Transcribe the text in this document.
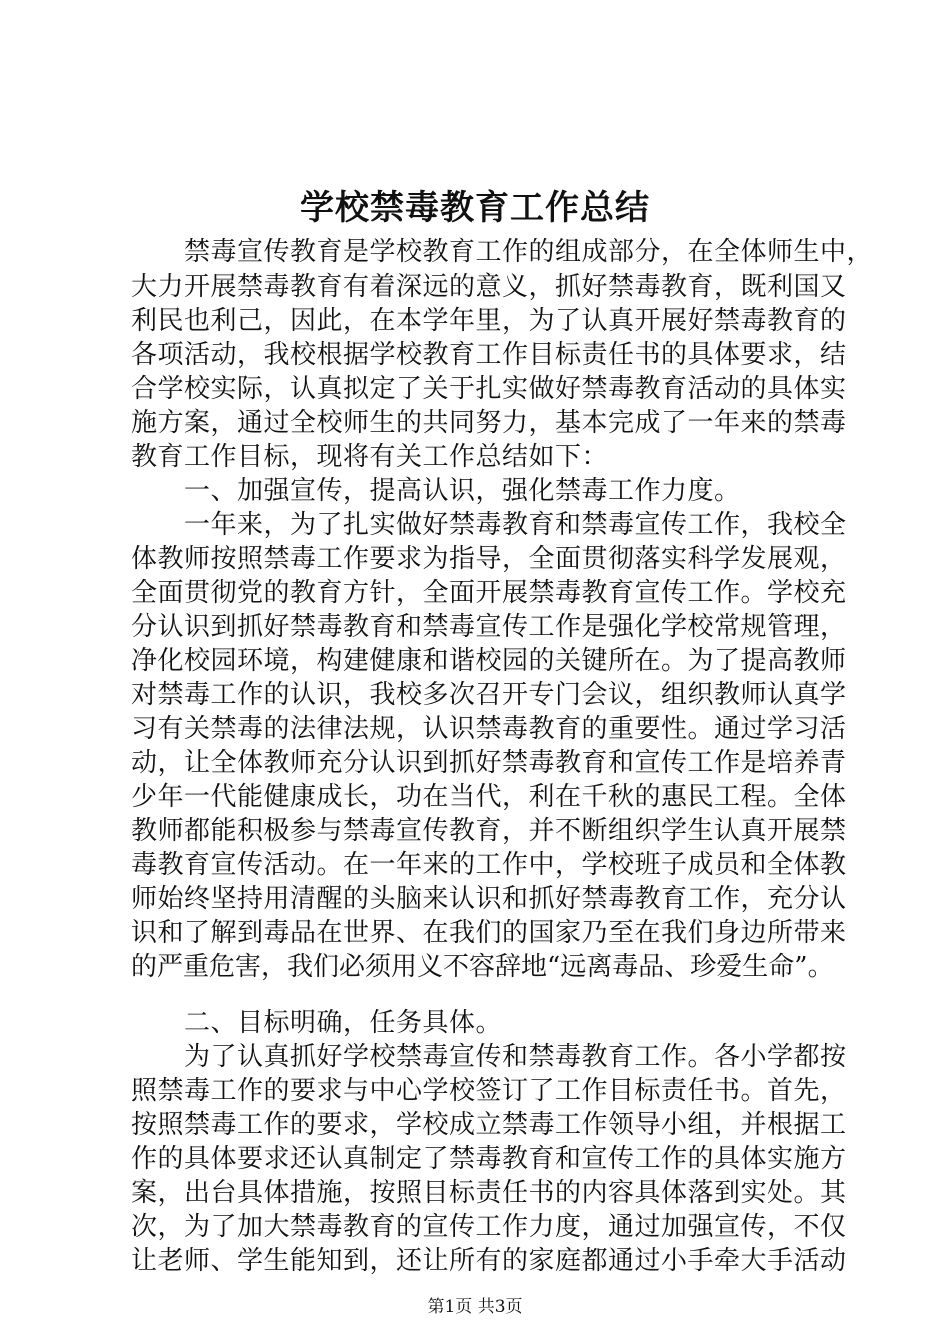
学校禁毒教育工作总结
　　禁毒宣传教育是学校教育工作的组成部分，在全体师生中，
大力开展禁毒教育有着深远的意义，抓好禁毒教育，既利国又
利民也利己，因此，在本学年里，为了认真开展好禁毒教育的
各项活动，我校根据学校教育工作目标责任书的具体要求，结
合学校实际，认真拟定了关于扎实做好禁毒教育活动的具体实
施方案，通过全校师生的共同努力，基本完成了一年来的禁毒
教育工作目标，现将有关工作总结如下：
　　一、加强宣传，提高认识，强化禁毒工作力度。
　　一年来，为了扎实做好禁毒教育和禁毒宣传工作，我校全
体教师按照禁毒工作要求为指导，全面贯彻落实科学发展观，
全面贯彻党的教育方针，全面开展禁毒教育宣传工作。学校充
分认识到抓好禁毒教育和禁毒宣传工作是强化学校常规管理，
净化校园环境，构建健康和谐校园的关键所在。为了提高教师
对禁毒工作的认识，我校多次召开专门会议，组织教师认真学
习有关禁毒的法律法规，认识禁毒教育的重要性。通过学习活
动，让全体教师充分认识到抓好禁毒教育和宣传工作是培养青
少年一代能健康成长，功在当代，利在千秋的惠民工程。全体
教师都能积极参与禁毒宣传教育，并不断组织学生认真开展禁
毒教育宣传活动。在一年来的工作中，学校班子成员和全体教
师始终坚持用清醒的头脑来认识和抓好禁毒教育工作，充分认
识和了解到毒品在世界、在我们的国家乃至在我们身边所带来
的严重危害，我们必须用义不容辞地“远离毒品、珍爱生命”。
　　二、目标明确，任务具体。
　　为了认真抓好学校禁毒宣传和禁毒教育工作。各小学都按
照禁毒工作的要求与中心学校签订了工作目标责任书。首先，
按照禁毒工作的要求，学校成立禁毒工作领导小组，并根据工
作的具体要求还认真制定了禁毒教育和宣传工作的具体实施方
案，出台具体措施，按照目标责任书的内容具体落到实处。其
次，为了加大禁毒教育的宣传工作力度，通过加强宣传，不仅
让老师、学生能知到，还让所有的家庭都通过小手牵大手活动
第1页 共3页
